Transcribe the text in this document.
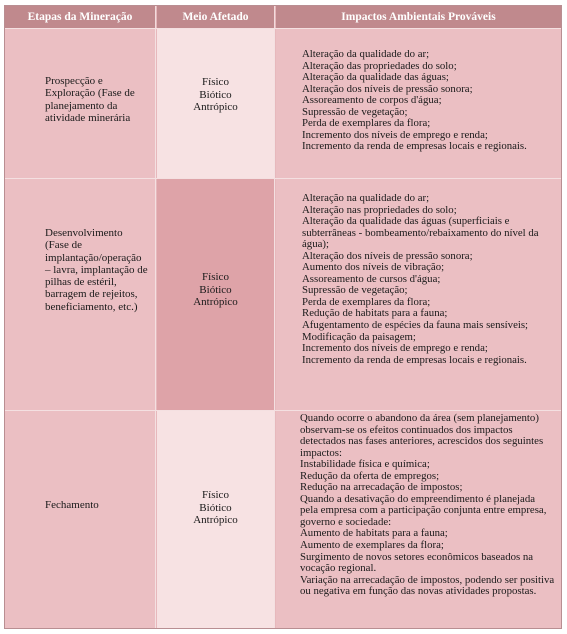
Etapas da Mineração	Meio Afetado	Impactos Ambientais Prováveis
Prospecção e Exploração (Fase de planejamento da atividade minerária
Físico
Biótico
Antrópico
Alteração da qualidade do ar;
Alteração das propriedades do solo;
Alteração da qualidade das águas;
Alteração dos níveis de pressão sonora;
Assoreamento de corpos d'água;
Supressão de vegetação;
Perda de exemplares da flora;
Incremento dos níveis de emprego e renda;
Incremento da renda de empresas locais e regionais.
Desenvolvimento (Fase de implantação/operação – lavra, implantação de pilhas de estéril, barragem de rejeitos, beneficiamento, etc.)
Físico
Biótico
Antrópico
Alteração na qualidade do ar;
Alteração nas propriedades do solo;
Alteração da qualidade das águas (superficiais e subterrâneas - bombeamento/rebaixamento do nível da água);
Alteração dos níveis de pressão sonora;
Aumento dos níveis de vibração;
Assoreamento de cursos d'água;
Supressão de vegetação;
Perda de exemplares da flora;
Redução de habitats para a fauna;
Afugentamento de espécies da fauna mais sensíveis;
Modificação da paisagem;
Incremento dos níveis de emprego e renda;
Incremento da renda de empresas locais e regionais.
Fechamento
Físico
Biótico
Antrópico
Quando ocorre o abandono da área (sem planejamento) observam-se os efeitos continuados dos impactos detectados nas fases anteriores, acrescidos dos seguintes impactos:
Instabilidade física e química;
Redução da oferta de empregos;
Redução na arrecadação de impostos;
Quando a desativação do empreendimento é planejada pela empresa com a participação conjunta entre empresa, governo e sociedade:
Aumento de habitats para a fauna;
Aumento de exemplares da flora;
Surgimento de novos setores econômicos baseados na vocação regional.
Variação na arrecadação de impostos, podendo ser positiva ou negativa em função das novas atividades propostas.
